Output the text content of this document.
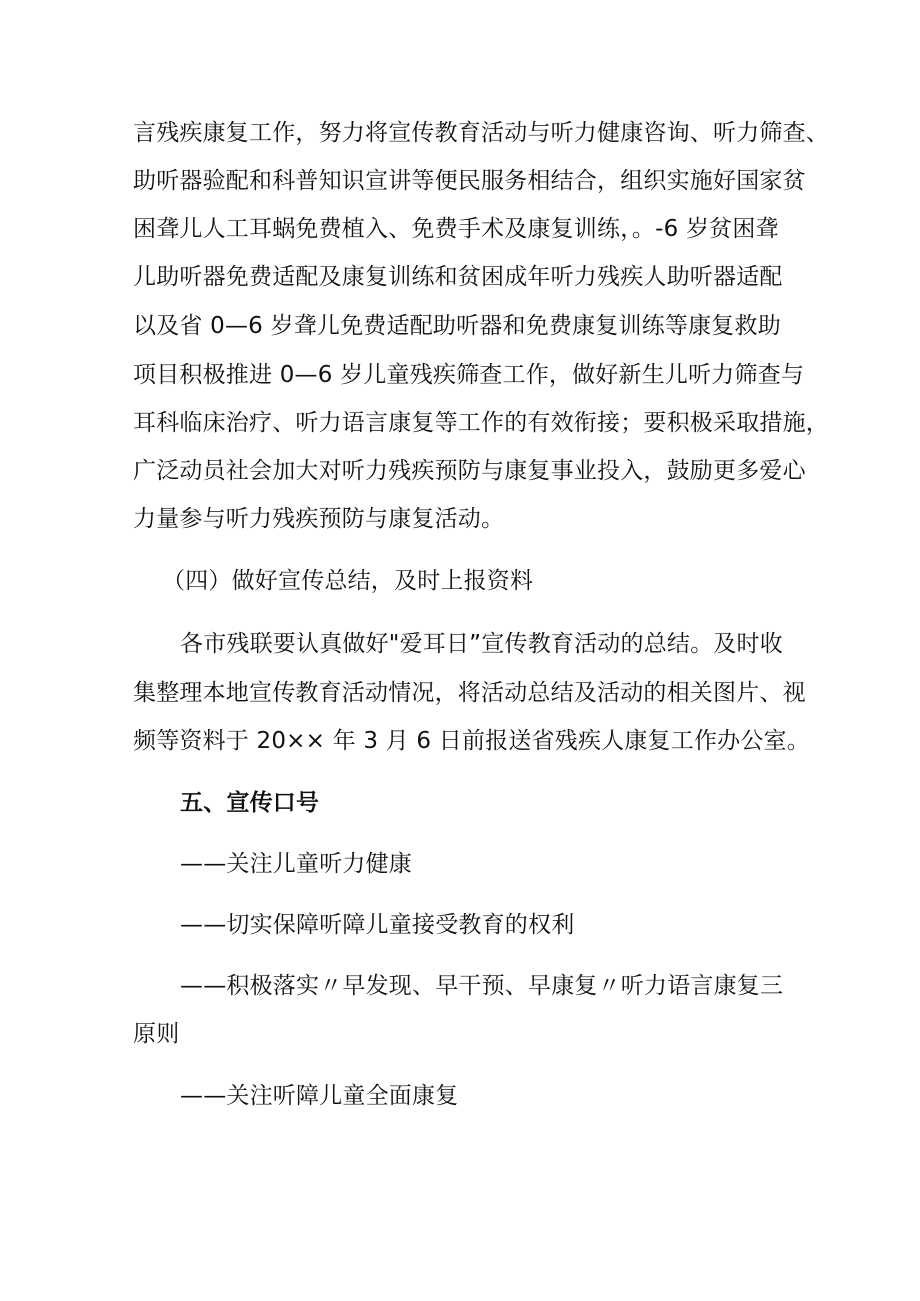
言残疾康复工作，努力将宣传教育活动与听力健康咨询、听力筛查、
助听器验配和科普知识宣讲等便民服务相结合，组织实施好国家贫
困聋儿人工耳蜗免费植入、免费手术及康复训练，。-6 岁贫困聋
儿助听器免费适配及康复训练和贫困成年听力残疾人助听器适配
以及省 0—6 岁聋儿免费适配助听器和免费康复训练等康复救助
项目积极推进 0—6 岁儿童残疾筛查工作，做好新生儿听力筛查与
耳科临床治疗、听力语言康复等工作的有效衔接；要积极采取措施，
广泛动员社会加大对听力残疾预防与康复事业投入，鼓励更多爱心
力量参与听力残疾预防与康复活动。
（四）做好宣传总结，及时上报资料
各市残联要认真做好"爱耳日”宣传教育活动的总结。及时收
集整理本地宣传教育活动情况，将活动总结及活动的相关图片、视
频等资料于 20×× 年 3 月 6 日前报送省残疾人康复工作办公室。
五、宣传口号
——关注儿童听力健康
——切实保障听障儿童接受教育的权利
——积极落实〃早发现、早干预、早康复〃听力语言康复三
原则
——关注听障儿童全面康复
